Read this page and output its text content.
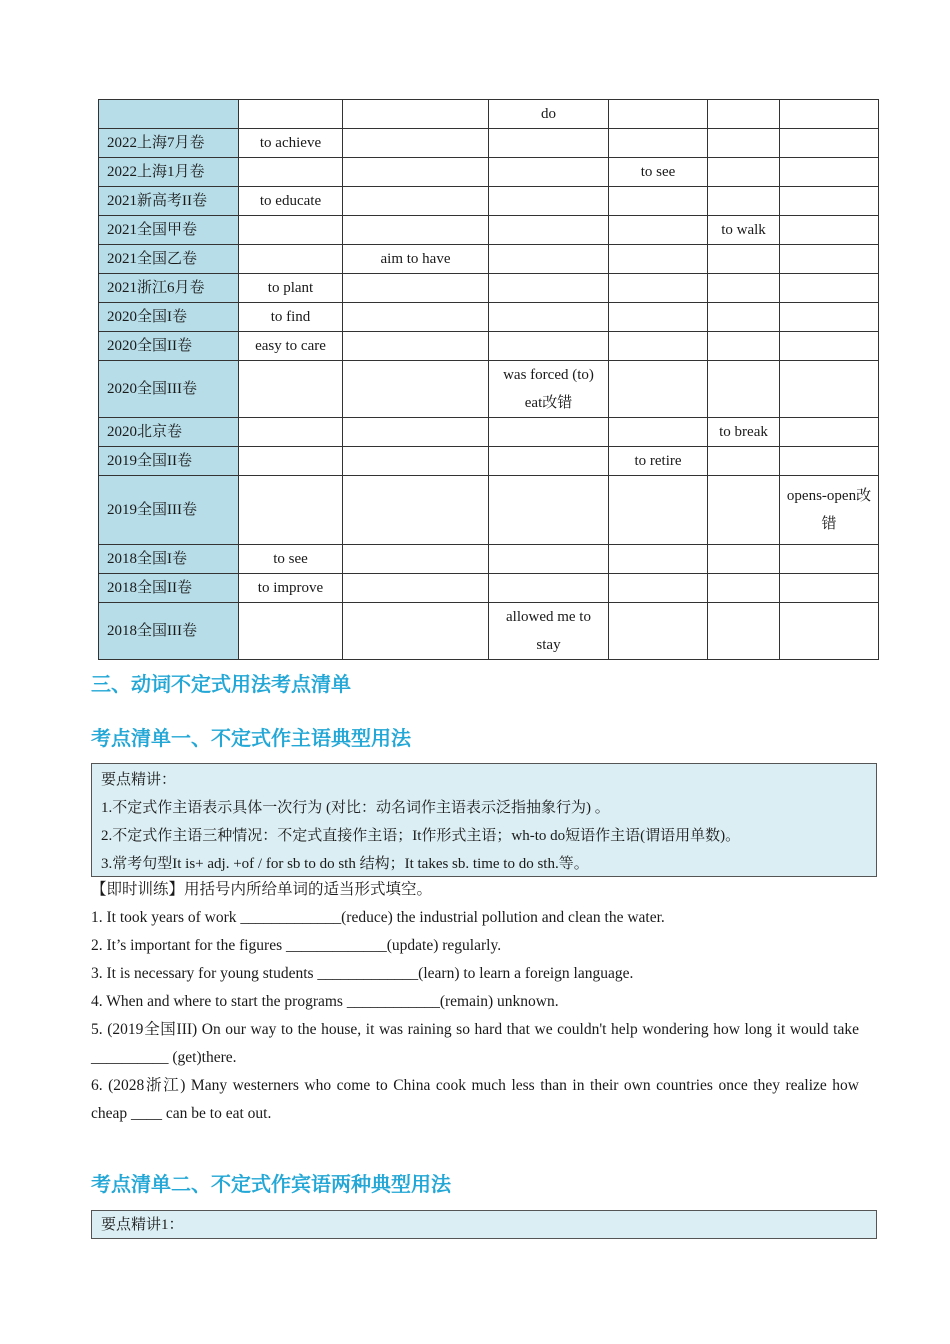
			do			
2022上海7月卷	to achieve					
2022上海1月卷				to see		
2021新高考II卷	to educate					
2021全国甲卷					to walk	
2021全国乙卷		aim to have				
2021浙江6月卷	to plant					
2020全国I卷	to find					
2020全国II卷	easy to care					
2020全国III卷			was forced (to) eat改错			
2020北京卷					to break	
2019全国II卷				to retire		
2019全国III卷						opens-open改错
2018全国I卷	to see					
2018全国II卷	to improve					
2018全国III卷			allowed me to stay			
三、动词不定式用法考点清单
考点清单一、不定式作主语典型用法
要点精讲：
1.不定式作主语表示具体一次行为 (对比：动名词作主语表示泛指抽象行为) 。
2.不定式作主语三种情况：不定式直接作主语；It作形式主语；wh-to do短语作主语(谓语用单数)。
3.常考句型It is+ adj. +of / for sb to do sth 结构；It takes sb. time to do sth.等。
【即时训练】用括号内所给单词的适当形式填空。
1. It took years of work _____________(reduce) the industrial pollution and clean the water.
2. It’s important for the figures _____________(update) regularly.
3. It is necessary for young students _____________(learn) to learn a foreign language.
4. When and where to start the programs ____________(remain) unknown.
5. (2019全国III) On our way to the house, it was raining so hard that we couldn't help wondering how long it would take __________ (get)there.
6. (2028浙江) Many westerners who come to China cook much less than in their own countries once they realize how cheap ____ can be to eat out.
考点清单二、不定式作宾语两种典型用法
要点精讲1：
